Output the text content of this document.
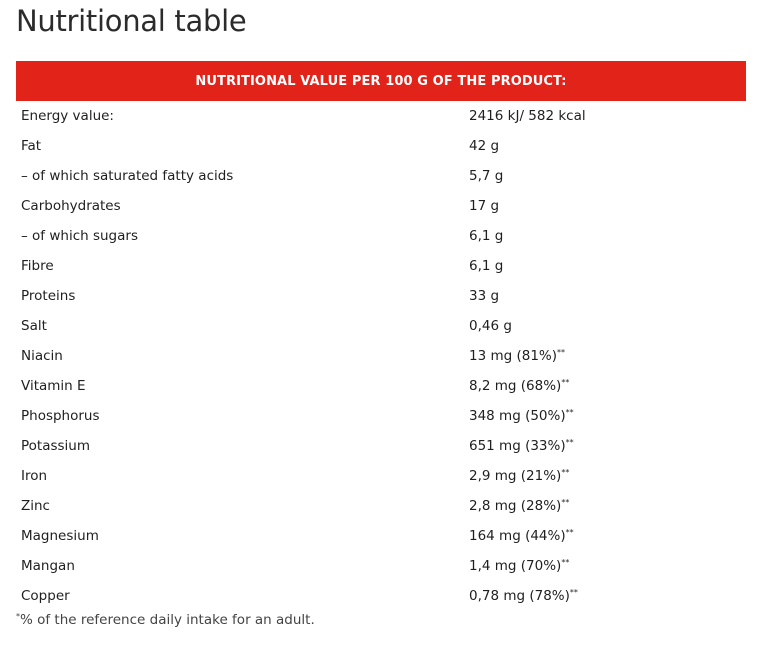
Nutritional table
NUTRITIONAL VALUE PER 100 G OF THE PRODUCT:
Energy value:	2416 kJ/ 582 kcal
Fat	42 g
– of which saturated fatty acids	5,7 g
Carbohydrates	17 g
– of which sugars	6,1 g
Fibre	6,1 g
Proteins	33 g
Salt	0,46 g
Niacin	13 mg (81%)**
Vitamin E	8,2 mg (68%)**
Phosphorus	348 mg (50%)**
Potassium	651 mg (33%)**
Iron	2,9 mg (21%)**
Zinc	2,8 mg (28%)**
Magnesium	164 mg (44%)**
Mangan	1,4 mg (70%)**
Copper	0,78 mg (78%)**
*% of the reference daily intake for an adult.
